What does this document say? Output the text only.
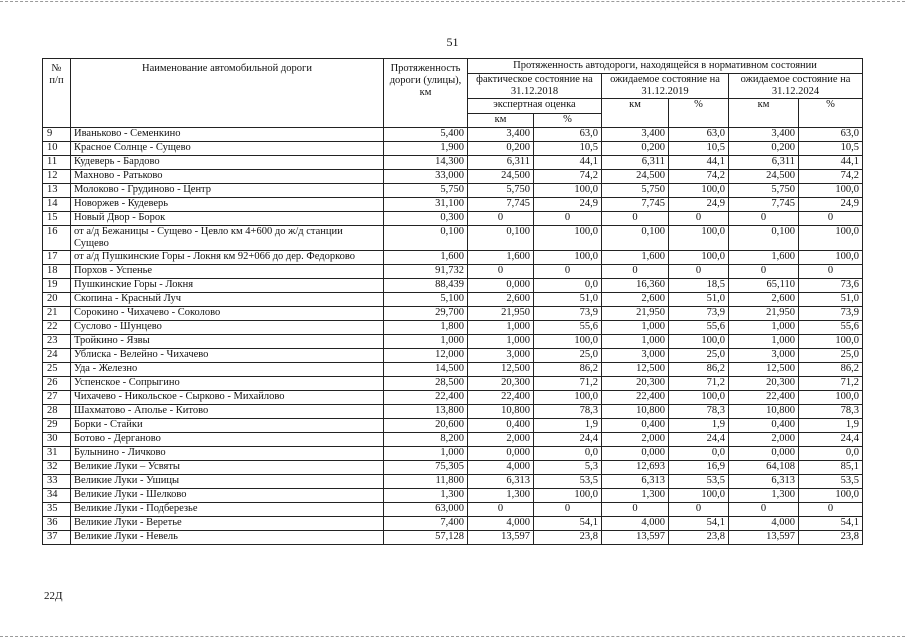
51
№ п/п	Наименование автомобильной дороги	Протяженность дороги (улицы), км	Протяженность автодороги, находящейся в нормативном состоянии					
			фактическое состояние на 31.12.2018		ожидаемое состояние на 31.12.2019		ожидаемое состояние на 31.12.2024	
			экспертная оценка		км	%	км	%
			км	%				
9	Иваньково - Семенкино	5,400	3,400	63,0	3,400	63,0	3,400	63,0
10	Красное Солнце - Сущево	1,900	0,200	10,5	0,200	10,5	0,200	10,5
11	Кудеверь - Бардово	14,300	6,311	44,1	6,311	44,1	6,311	44,1
12	Махново - Ратьково	33,000	24,500	74,2	24,500	74,2	24,500	74,2
13	Молоково - Грудиново - Центр	5,750	5,750	100,0	5,750	100,0	5,750	100,0
14	Новоржев - Кудеверь	31,100	7,745	24,9	7,745	24,9	7,745	24,9
15	Новый Двор - Борок	0,300	0	0	0	0	0	0
16	от а/д Бежаницы - Сущево - Цевло км 4+600 до ж/д станции Сущево	0,100	0,100	100,0	0,100	100,0	0,100	100,0
17	от а/д Пушкинские Горы - Локня км 92+066 до дер. Федорково	1,600	1,600	100,0	1,600	100,0	1,600	100,0
18	Порхов - Успенье	91,732	0	0	0	0	0	0
19	Пушкинские Горы - Локня	88,439	0,000	0,0	16,360	18,5	65,110	73,6
20	Скопина - Красный Луч	5,100	2,600	51,0	2,600	51,0	2,600	51,0
21	Сорокино - Чихачево - Соколово	29,700	21,950	73,9	21,950	73,9	21,950	73,9
22	Суслово - Шунцево	1,800	1,000	55,6	1,000	55,6	1,000	55,6
23	Тройкино - Язвы	1,000	1,000	100,0	1,000	100,0	1,000	100,0
24	Ублиска - Велейно - Чихачево	12,000	3,000	25,0	3,000	25,0	3,000	25,0
25	Уда - Железно	14,500	12,500	86,2	12,500	86,2	12,500	86,2
26	Успенское - Сопрыгино	28,500	20,300	71,2	20,300	71,2	20,300	71,2
27	Чихачево - Никольское - Сырково - Михайлово	22,400	22,400	100,0	22,400	100,0	22,400	100,0
28	Шахматово - Аполье - Китово	13,800	10,800	78,3	10,800	78,3	10,800	78,3
29	Борки - Стайки	20,600	0,400	1,9	0,400	1,9	0,400	1,9
30	Ботово - Дерганово	8,200	2,000	24,4	2,000	24,4	2,000	24,4
31	Булынино - Личково	1,000	0,000	0,0	0,000	0,0	0,000	0,0
32	Великие Луки – Усвяты	75,305	4,000	5,3	12,693	16,9	64,108	85,1
33	Великие Луки - Ушицы	11,800	6,313	53,5	6,313	53,5	6,313	53,5
34	Великие Луки - Шелково	1,300	1,300	100,0	1,300	100,0	1,300	100,0
35	Великие Луки - Подберезье	63,000	0	0	0	0	0	0
36	Великие Луки - Веретье	7,400	4,000	54,1	4,000	54,1	4,000	54,1
37	Великие Луки - Невель	57,128	13,597	23,8	13,597	23,8	13,597	23,8
22Д
